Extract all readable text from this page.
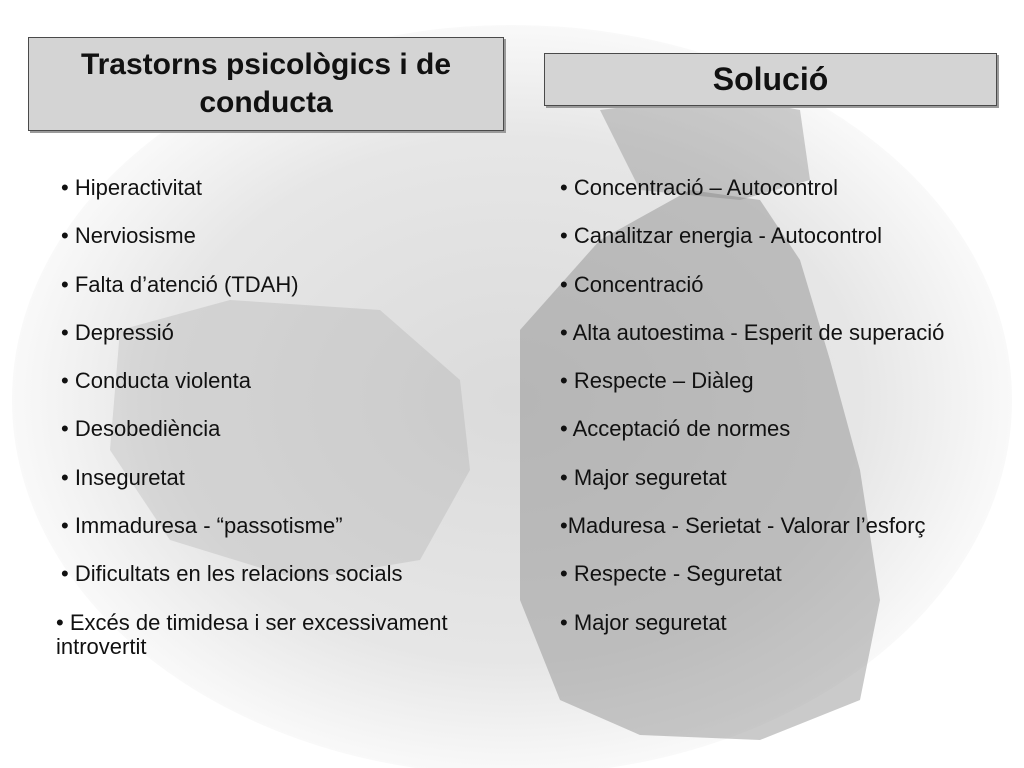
Trastorns psicològics i de conducta
Solució
• Hiperactivitat
• Nerviosisme
• Falta d’atenció (TDAH)
• Depressió
• Conducta violenta
• Desobediència
• Inseguretat
• Immaduresa - “passotisme”
• Dificultats en les relacions socials
• Excés de timidesa i ser excessivament introvertit
• Concentració – Autocontrol
• Canalitzar energia - Autocontrol
• Concentració
• Alta autoestima - Esperit de superació
• Respecte – Diàleg
• Acceptació de normes
• Major seguretat
•Maduresa - Serietat - Valorar l’esforç
• Respecte - Seguretat
• Major seguretat
